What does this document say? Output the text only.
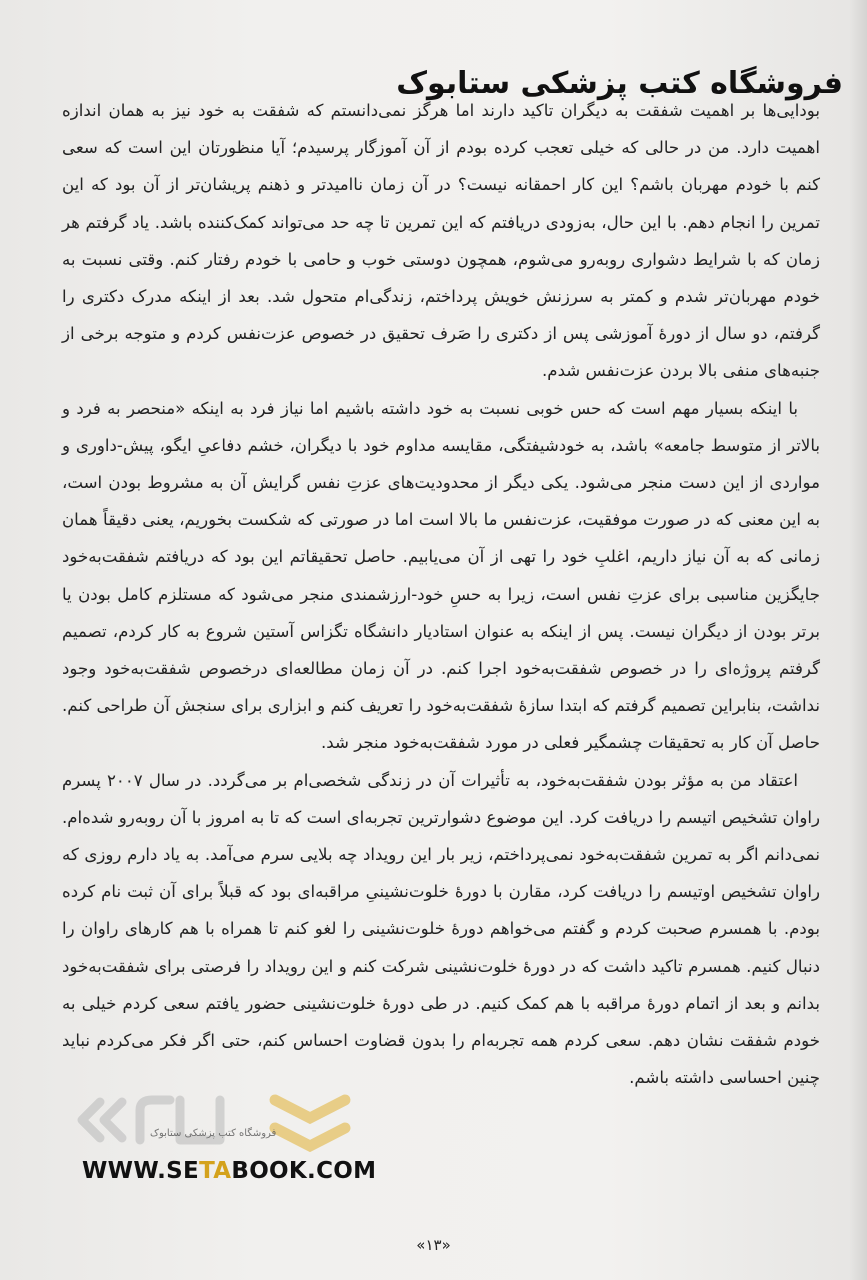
فروشگاه کتب پزشکی ستابوک

بودایی‌ها بر اهمیت شفقت به دیگران تاکید دارند اما هرگز نمی‌دانستم که شفقت به خود نیز به همان اندازه اهمیت دارد. من در حالی که خیلی تعجب کرده بودم از آن آموزگار پرسیدم؛ آیا منظورتان این است که سعی کنم با خودم مهربان باشم؟ این کار احمقانه نیست؟ در آن زمان ناامیدتر و ذهنم پریشان‌تر از آن بود که این تمرین را انجام دهم. با این حال، به‌زودی دریافتم که این تمرین تا چه حد می‌تواند کمک‌کننده باشد. یاد گرفتم هر زمان که با شرایط دشواری روبه‌رو می‌شوم، همچون دوستی خوب و حامی با خودم رفتار کنم. وقتی نسبت به خودم مهربان‌تر شدم و کمتر به سرزنش خویش پرداختم، زندگی‌ام متحول شد. بعد از اینکه مدرک دکتری را گرفتم، دو سال از دورهٔ آموزشی پس از دکتری را صَرف تحقیق در خصوص عزت‌نفس کردم و متوجه برخی از جنبه‌های منفی بالا بردن عزت‌نفس شدم.

با اینکه بسیار مهم است که حس خوبی نسبت به خود داشته باشیم اما نیاز فرد به اینکه «منحصر به فرد و بالاتر از متوسط جامعه» باشد، به خودشیفتگی، مقایسه مداوم خود با دیگران، خشم دفاعیِ ایگو، پیش-داوری و مواردی از این دست منجر می‌شود. یکی دیگر از محدودیت‌های عزتِ نفس گرایش آن به مشروط بودن است، به این معنی که در صورت موفقیت، عزت‌نفس ما بالا است اما در صورتی که شکست بخوریم، یعنی دقیقاً همان زمانی که به آن نیاز داریم، اغلبِ خود را تهی از آن می‌یابیم. حاصل تحقیقاتم این بود که دریافتم شفقت‌به‌خود جایگزین مناسبی برای عزتِ نفس است، زیرا به حسِ خود-ارزشمندی منجر می‌شود که مستلزم کامل بودن یا برتر بودن از دیگران نیست. پس از اینکه به عنوان استادیار دانشگاه تگزاس آستین شروع به کار کردم، تصمیم گرفتم پروژه‌ای را در خصوص شفقت‌به‌خود اجرا کنم. در آن زمان مطالعه‌ای درخصوص شفقت‌به‌خود وجود نداشت، بنابراین تصمیم گرفتم که ابتدا سازهٔ شفقت‌به‌خود را تعریف کنم و ابزاری برای سنجش آن طراحی کنم. حاصل آن کار به تحقیقات چشمگیر فعلی در مورد شفقت‌به‌خود منجر شد.

اعتقاد من به مؤثر بودن شفقت‌به‌خود، به تأثیرات آن در زندگی شخصی‌ام بر می‌گردد. در سال ۲۰۰۷ پسرم راوان تشخیص اتیسم را دریافت کرد. این موضوع دشوارترین تجربه‌ای است که تا به امروز با آن روبه‌رو شده‌ام. نمی‌دانم اگر به تمرین شفقت‌به‌خود نمی‌پرداختم، زیر بار این رویداد چه بلایی سرم می‌آمد. به یاد دارم روزی که راوان تشخیص اوتیسم را دریافت کرد، مقارن با دورهٔ خلوت‌نشینیِ مراقبه‌ای بود که قبلاً برای آن ثبت نام کرده بودم. با همسرم صحبت کردم و گفتم می‌خواهم دورهٔ خلوت‌نشینی را لغو کنم تا همراه با هم کارهای راوان را دنبال کنیم. همسرم تاکید داشت که در دورهٔ خلوت‌نشینی شرکت کنم و این رویداد را فرصتی برای شفقت‌به‌خود بدانم و بعد از اتمام دورهٔ مراقبه با هم کمک کنیم. در طی دورهٔ خلوت‌نشینی حضور یافتم سعی کردم خیلی به خودم شفقت نشان دهم. سعی کردم همه تجربه‌ام را بدون قضاوت احساس کنم، حتی اگر فکر می‌کردم نباید چنین احساسی داشته باشم.

فروشگاه کتب پزشکی ستابوک
WWW.SETABOOK.COM
«۱۳»
